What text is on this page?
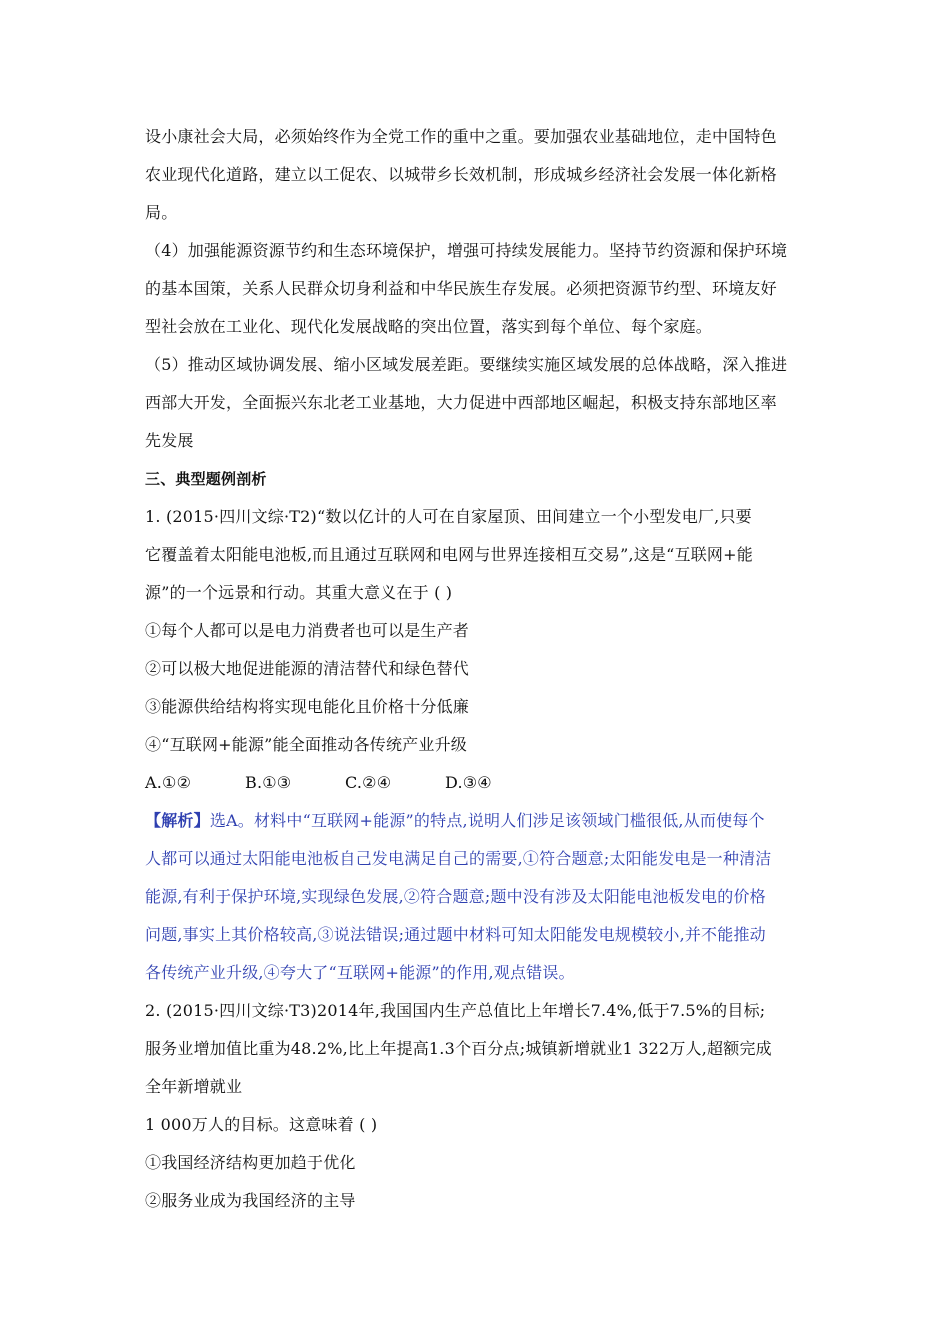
设小康社会大局，必须始终作为全党工作的重中之重。要加强农业基础地位，走中国特色

农业现代化道路，建立以工促农、以城带乡长效机制，形成城乡经济社会发展一体化新格

局。

（4）加强能源资源节约和生态环境保护，增强可持续发展能力。坚持节约资源和保护环境

的基本国策，关系人民群众切身利益和中华民族生存发展。必须把资源节约型、环境友好

型社会放在工业化、现代化发展战略的突出位置，落实到每个单位、每个家庭。

（5）推动区域协调发展、缩小区域发展差距。要继续实施区域发展的总体战略，深入推进

西部大开发，全面振兴东北老工业基地，大力促进中西部地区崛起，积极支持东部地区率

先发展

三、典型题例剖析

1. (2015·四川文综·T2)“数以亿计的人可在自家屋顶、田间建立一个小型发电厂,只要

它覆盖着太阳能电池板,而且通过互联网和电网与世界连接相互交易”,这是“互联网+能

源”的一个远景和行动。其重大意义在于 ( )

①每个人都可以是电力消费者也可以是生产者

②可以极大地促进能源的清洁替代和绿色替代

③能源供给结构将实现电能化且价格十分低廉

④“互联网+能源”能全面推动各传统产业升级

A.①②	B.①③	C.②④	D.③④

【解析】选A。材料中“互联网+能源”的特点,说明人们涉足该领域门槛很低,从而使每个

人都可以通过太阳能电池板自己发电满足自己的需要,①符合题意;太阳能发电是一种清洁

能源,有利于保护环境,实现绿色发展,②符合题意;题中没有涉及太阳能电池板发电的价格

问题,事实上其价格较高,③说法错误;通过题中材料可知太阳能发电规模较小,并不能推动

各传统产业升级,④夸大了“互联网+能源”的作用,观点错误。

2. (2015·四川文综·T3)2014年,我国国内生产总值比上年增长7.4%,低于7.5%的目标;

服务业增加值比重为48.2%,比上年提高1.3个百分点;城镇新增就业1 322万人,超额完成

全年新增就业

1 000万人的目标。这意味着 ( )

①我国经济结构更加趋于优化

②服务业成为我国经济的主导
